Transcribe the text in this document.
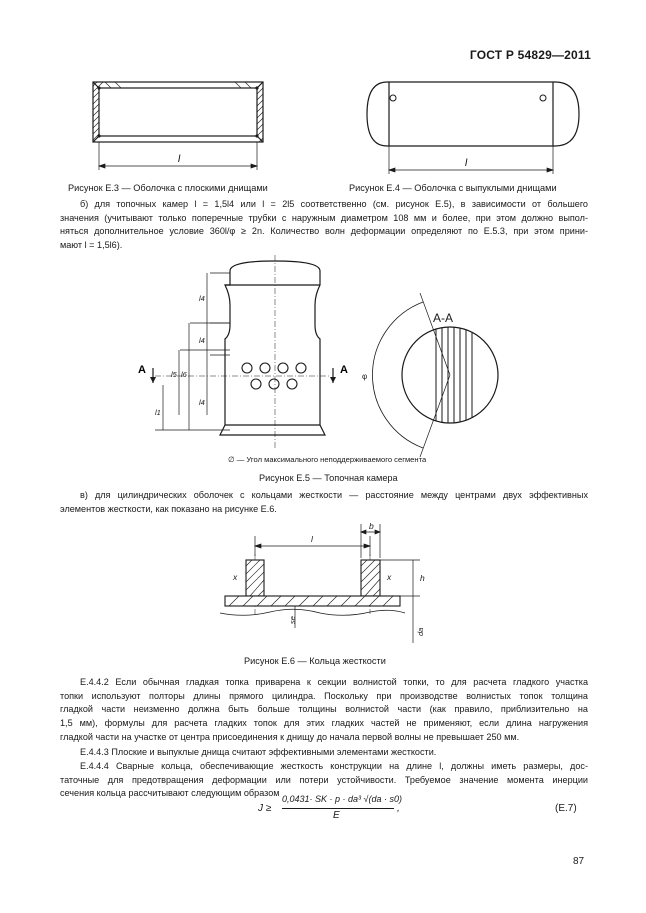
ГОСТ Р 54829—2011
l
Рисунок Е.3 — Оболочка с плоскими днищами
l
Рисунок Е.4 — Оболочка с выпуклыми днищами
б) для топочных камер l = 1,5l4 или l = 2l5 соответственно (см. рисунок Е.5), в зависимости от большего
значения (учитывают только поперечные трубки с наружным диаметром 108 мм и более, при этом должно выпол-
няться дополнительное условие 360l/φ ≥ 2n. Количество волн деформации определяют по Е.5.3, при этом прини-
мают l = 1,5l6).
l4
l4
l5 l6
l1
l4
А	А
φ
А-А
∅ — Угол максимального неподдерживаемого сегмента
Рисунок Е.5 — Топочная камера
в) для цилиндрических оболочек с кольцами жесткости — расстояние между центрами двух эффективных
элементов жесткости, как показано на рисунке Е.6.
l
b
h
x	x
se
da
Рисунок Е.6 — Кольца жесткости
Е.4.4.2 Если обычная гладкая топка приварена к секции волнистой топки, то для расчета гладкого участка
топки используют полторы длины прямого цилиндра. Поскольку при производстве волнистых топок толщина
гладкой части неизменно должна быть больше толщины волнистой части (как правило, приблизительно на
1,5 мм), формулы для расчета гладких топок для этих гладких частей не применяют, если длина нагружения
гладкой части на участке от центра присоединения к днищу до начала первой волны не превышает 250 мм.
Е.4.4.3 Плоские и выпуклые днища считают эффективными элементами жесткости.
Е.4.4.4 Сварные кольца, обеспечивающие жесткость конструкции на длине l, должны иметь размеры, дос-
таточные для предотвращения деформации или потери устойчивости. Требуемое значение момента инерции
сечения кольца рассчитывают следующим образом
J ≥
0,0431· SK · p · da³ √(da · s0)
E
,	(Е.7)
87
